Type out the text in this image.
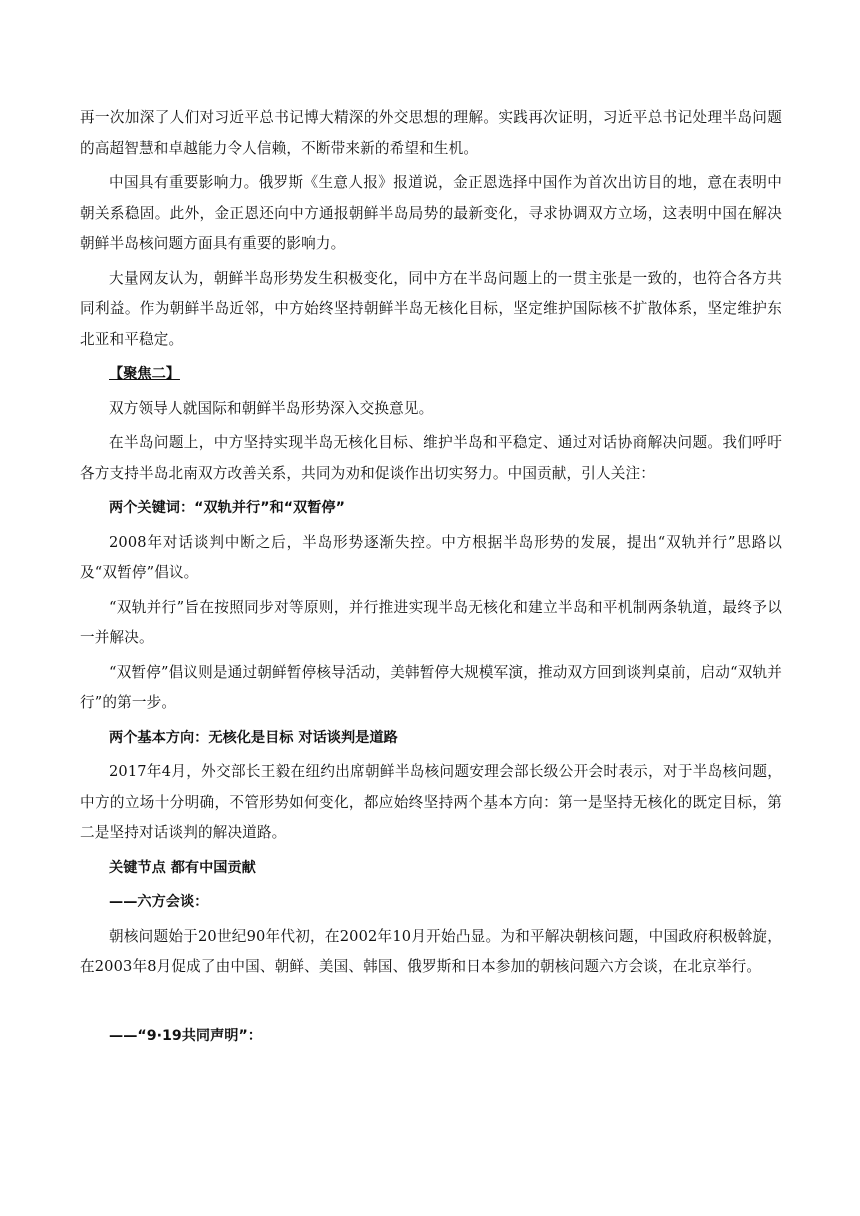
再一次加深了人们对习近平总书记博大精深的外交思想的理解。实践再次证明，习近平总书记处理半岛问题的高超智慧和卓越能力令人信赖，不断带来新的希望和生机。

中国具有重要影响力。俄罗斯《生意人报》报道说，金正恩选择中国作为首次出访目的地，意在表明中朝关系稳固。此外，金正恩还向中方通报朝鲜半岛局势的最新变化，寻求协调双方立场，这表明中国在解决朝鲜半岛核问题方面具有重要的影响力。

大量网友认为，朝鲜半岛形势发生积极变化，同中方在半岛问题上的一贯主张是一致的，也符合各方共同利益。作为朝鲜半岛近邻，中方始终坚持朝鲜半岛无核化目标，坚定维护国际核不扩散体系，坚定维护东北亚和平稳定。

【聚焦二】

双方领导人就国际和朝鲜半岛形势深入交换意见。

在半岛问题上，中方坚持实现半岛无核化目标、维护半岛和平稳定、通过对话协商解决问题。我们呼吁各方支持半岛北南双方改善关系，共同为劝和促谈作出切实努力。中国贡献，引人关注：

两个关键词：“双轨并行”和“双暂停”

2008年对话谈判中断之后，半岛形势逐渐失控。中方根据半岛形势的发展，提出“双轨并行”思路以及“双暂停”倡议。

“双轨并行”旨在按照同步对等原则，并行推进实现半岛无核化和建立半岛和平机制两条轨道，最终予以一并解决。

“双暂停”倡议则是通过朝鲜暂停核导活动，美韩暂停大规模军演，推动双方回到谈判桌前，启动“双轨并行”的第一步。

两个基本方向：无核化是目标 对话谈判是道路

2017年4月，外交部长王毅在纽约出席朝鲜半岛核问题安理会部长级公开会时表示，对于半岛核问题，中方的立场十分明确，不管形势如何变化，都应始终坚持两个基本方向：第一是坚持无核化的既定目标，第二是坚持对话谈判的解决道路。

关键节点 都有中国贡献

——六方会谈：

朝核问题始于20世纪90年代初，在2002年10月开始凸显。为和平解决朝核问题，中国政府积极斡旋，在2003年8月促成了由中国、朝鲜、美国、韩国、俄罗斯和日本参加的朝核问题六方会谈，在北京举行。

——“9·19共同声明”：
